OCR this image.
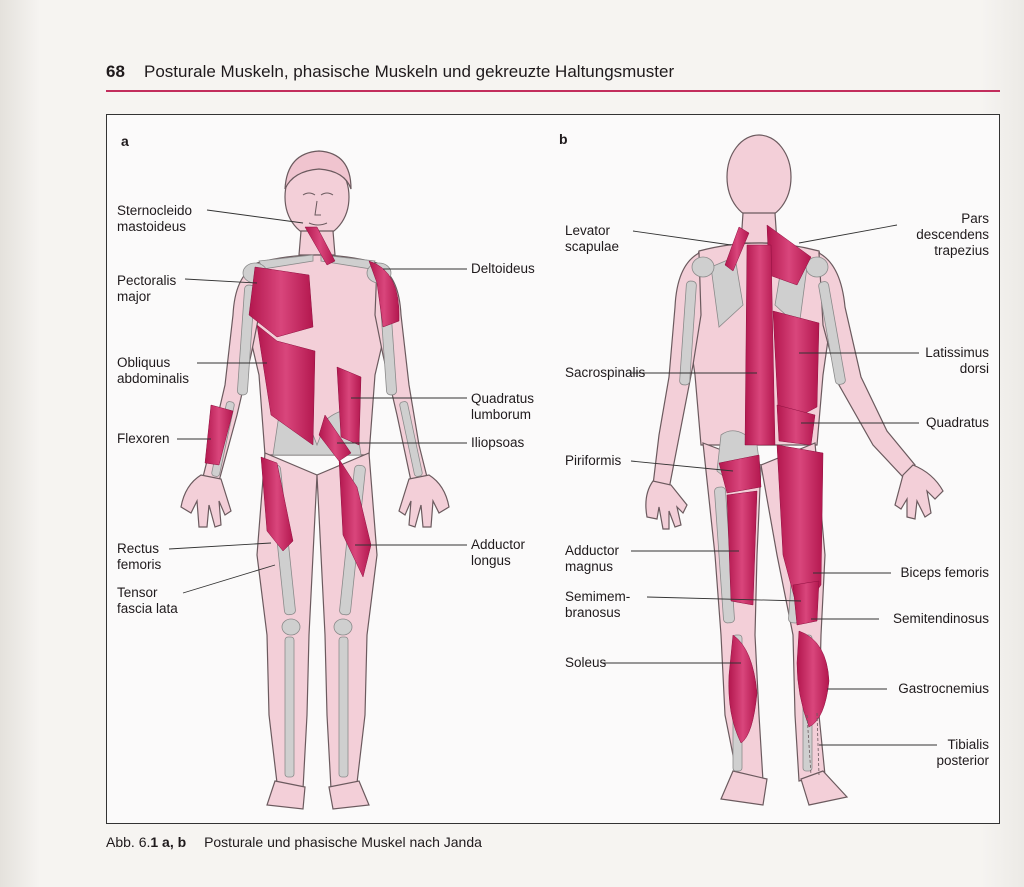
68 Posturale Muskeln, phasische Muskeln und gekreuzte Haltungsmuster
a	b
Sternocleido
mastoideus
Pectoralis
major
Obliquus
abdominalis
Flexoren
Rectus
femoris
Tensor
fascia lata
Deltoideus
Quadratus
lumborum
Iliopsoas
Adductor
longus
Levator
scapulae
Sacrospinalis
Piriformis
Adductor
magnus
Semimem-
branosus
Soleus
Pars
descendens
trapezius
Latissimus
dorsi
Quadratus
Biceps femoris
Semitendinosus
Gastrocnemius
Tibialis
posterior
Abb. 6.1 a, b Posturale und phasische Muskel nach Janda
